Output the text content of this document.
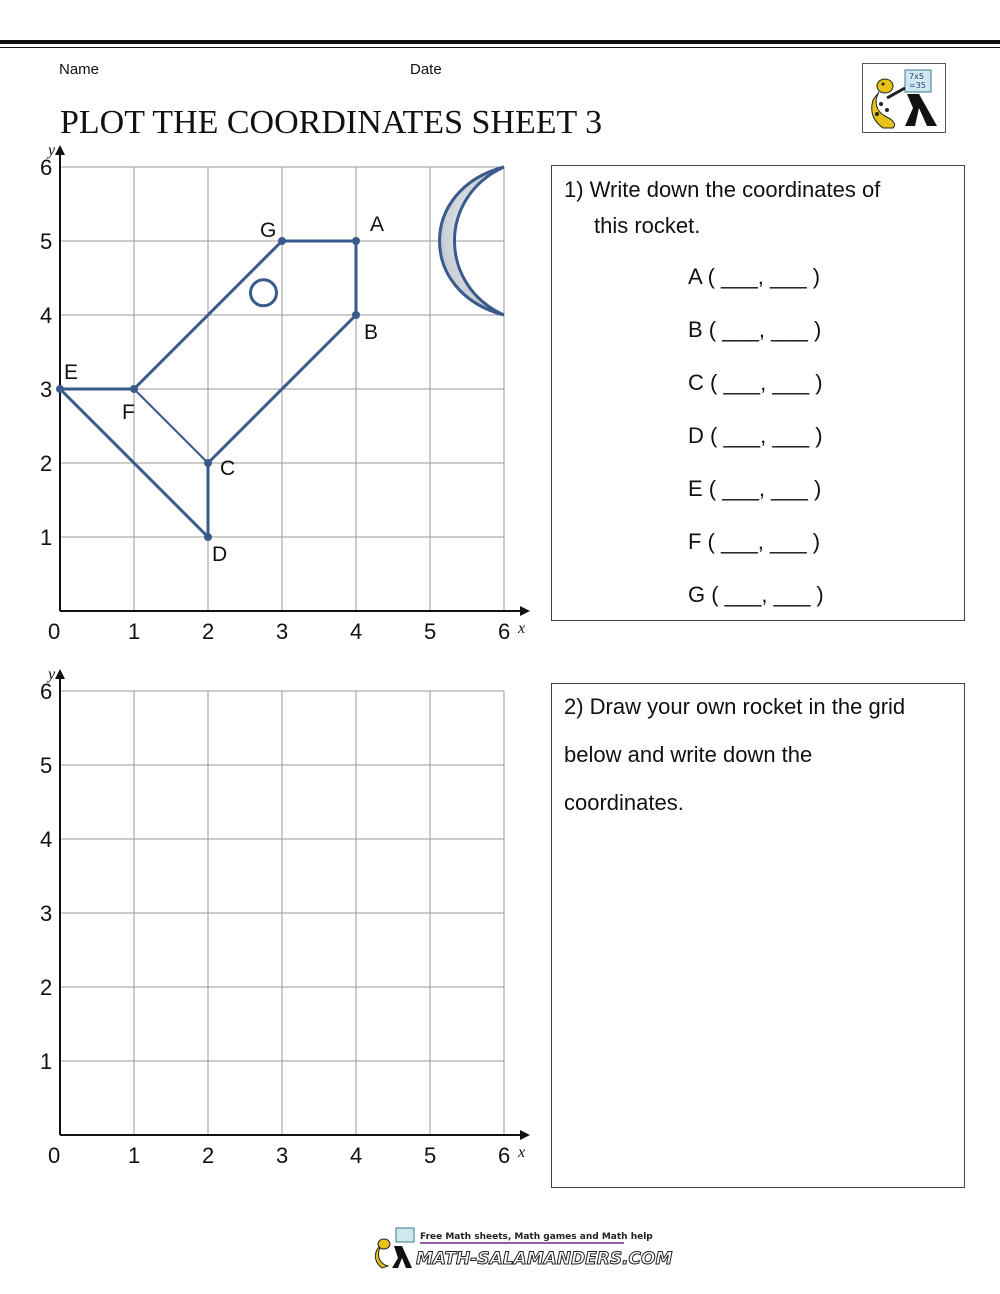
Name	Date
PLOT THE COORDINATES SHEET 3
7x5
=35
x
y
0	1	2	3	4	5	6
1
2
3
4
5
6
A
B
C
D
E
F
G
x
y
0	1	2	3	4	5	6
1
2
3
4
5
6
1) Write down the coordinates of
this rocket.
A ( ___, ___ )
B ( ___, ___ )
C ( ___, ___ )
D ( ___, ___ )
E ( ___, ___ )
F ( ___, ___ )
G ( ___, ___ )
2) Draw your own rocket in the grid
below and write down the
coordinates.
Free Math sheets, Math games and Math help
MATH-SALAMANDERS.COM
